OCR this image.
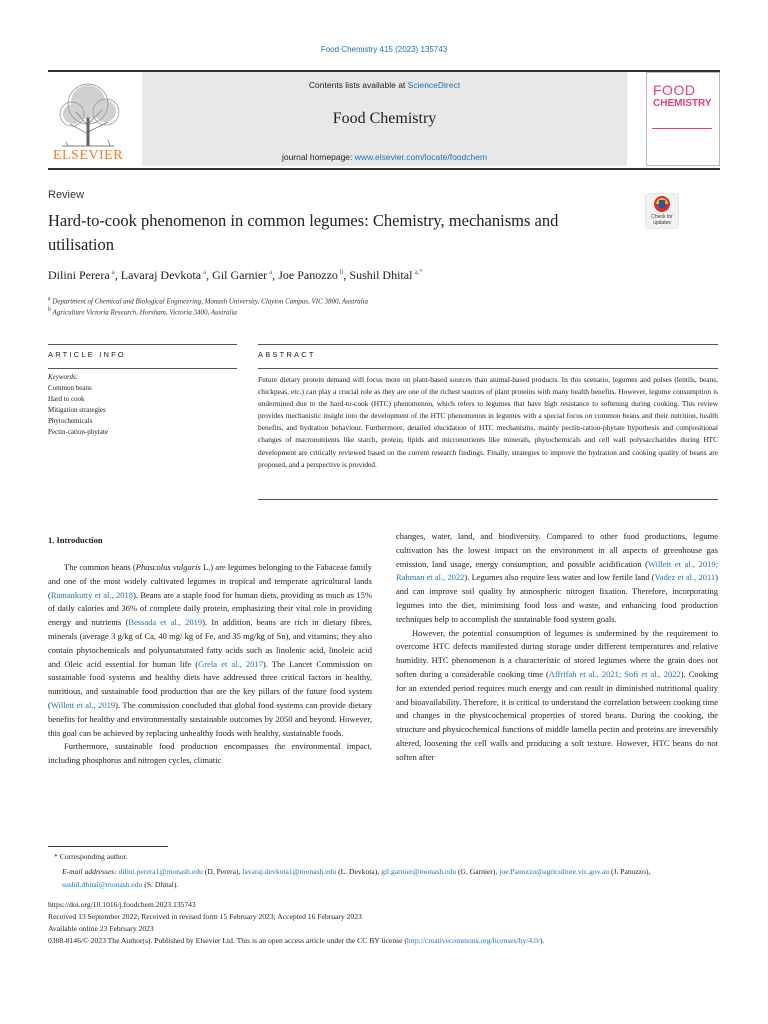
Food Chemistry 415 (2023) 135743
ELSEVIER
Contents lists available at ScienceDirect
Food Chemistry
journal homepage: www.elsevier.com/locate/foodchem
FOOD
CHEMISTRY
Review
Hard-to-cook phenomenon in common legumes: Chemistry, mechanisms and utilisation
Check for updates
Dilini Perera $^a$, Lavaraj Devkota $^a$, Gil Garnier $^a$, Joe Panozzo $^b$, Sushil Dhital $^{a,*}$
$^a$ Department of Chemical and Biological Engineering, Monash University, Clayton Campus, VIC 3800, Australia
$^b$ Agriculture Victoria Research, Horsham, Victoria 3400, Australia
ARTICLE INFO	ABSTRACT
Keywords:
Common beans
Hard to cook
Mitigation strategies
Phytochemicals
Pectin-cation-phytate
Future dietary protein demand will focus more on plant-based sources than animal-based products. In this scenario, legumes and pulses (lentils, beans, chickpeas, etc.) can play a crucial role as they are one of the richest sources of plant proteins with many health benefits. However, legume consumption is undermined due to the hard-to-cook (HTC) phenomenon, which refers to legumes that have high resistance to softening during cooking. This review provides mechanistic insight into the development of the HTC phenomenon in legumes with a special focus on common beans and their nutrition, health benefits, and hydration behaviour. Furthermore, detailed elucidation of HTC mechanisms, mainly pectin-cation-phytate hypothesis and compositional changes of macronutrients like starch, protein, lipids and micronutrients like minerals, phytochemicals and cell wall polysaccharides during HTC development are critically reviewed based on the current research findings. Finally, strategies to improve the hydration and cooking quality of beans are proposed, and a perspective is provided.
1. Introduction

The common beans (Phascolus vulgaris L.) are legumes belonging to the Fabaceae family and one of the most widely cultivated legumes in tropical and temperate agricultural lands (Ramankutty et al., 2018). Beans are a staple food for human diets, providing as much as 15% of daily calories and 36% of complete daily protein, emphasizing their vital role in providing energy and nutrients (Bessada et al., 2019). In addition, beans are rich in dietary fibres, minerals (average 3 g/kg of Ca, 40 mg/ kg of Fe, and 35 mg/kg of Sn), and vitamins; they also contain phytochemicals and polyunsaturated fatty acids such as linolenic acid, linoleic acid and Oleic acid essential for human life (Grela et al., 2017). The Lancet Commission on sustainable food systems and healthy diets have addressed three critical factors in healthy, nutritious, and sustainable food production that are the key pillars of the future food system (Willett et al., 2019). The commission concluded that global food systems can provide dietary benefits for healthy and environmentally sustainable outcomes by 2050 and beyond. However, this goal can be achieved by replacing unhealthy foods with healthy, sustainable foods.

Furthermore, sustainable food production encompasses the environmental impact, including phosphorus and nitrogen cycles, climatic

changes, water, land, and biodiversity. Compared to other food productions, legume cultivation has the lowest impact on the environment in all aspects of greenhouse gas emission, land usage, energy consumption, and possible acidification (Willett et al., 2019; Rahman et al., 2022). Legumes also require less water and low fertile land (Vadez et al., 2011) and can improve soil quality by atmospheric nitrogen fixation. Therefore, incorporating legumes into the diet, minimising food loss and waste, and enhancing food production techniques help to accomplish the sustainable food system goals.

However, the potential consumption of legumes is undermined by the requirement to overcome HTC defects manifested during storage under different temperatures and relative humidity. HTC phenomenon is a characteristic of stored legumes where the grain does not soften during a considerable cooking time (Affrifah et al., 2021; Sofi et al., 2022). Cooking for an extended period requires much energy and can result in diminished nutritional quality and bioavailability. Therefore, it is critical to understand the correlation between cooking time and changes in the physicochemical properties of stored beans. During the cooking, the structure and physicochemical functions of middle lamella pectin and proteins are irreversibly altered, loosening the cell walls and producing a soft texture. However, HTC beans do not soften after

* Corresponding author.
E-mail addresses: dilini.perera1@monash.edu (D. Perera), lavaraj.devkota1@monash.edu (L. Devkota), gil.garnier@monash.edu (G. Garnier), joe.Panozzo@agriculture.vic.gov.au (J. Panozzo), sushil.dhital@monash.edu (S. Dhital).
https://doi.org/10.1016/j.foodchem.2023.135743
Received 13 September 2022; Received in revised form 15 February 2023; Accepted 16 February 2023
Available online 23 February 2023
0308-8146/© 2023 The Author(s). Published by Elsevier Ltd. This is an open access article under the CC BY license (http://creativecommons.org/licenses/by/4.0/).
